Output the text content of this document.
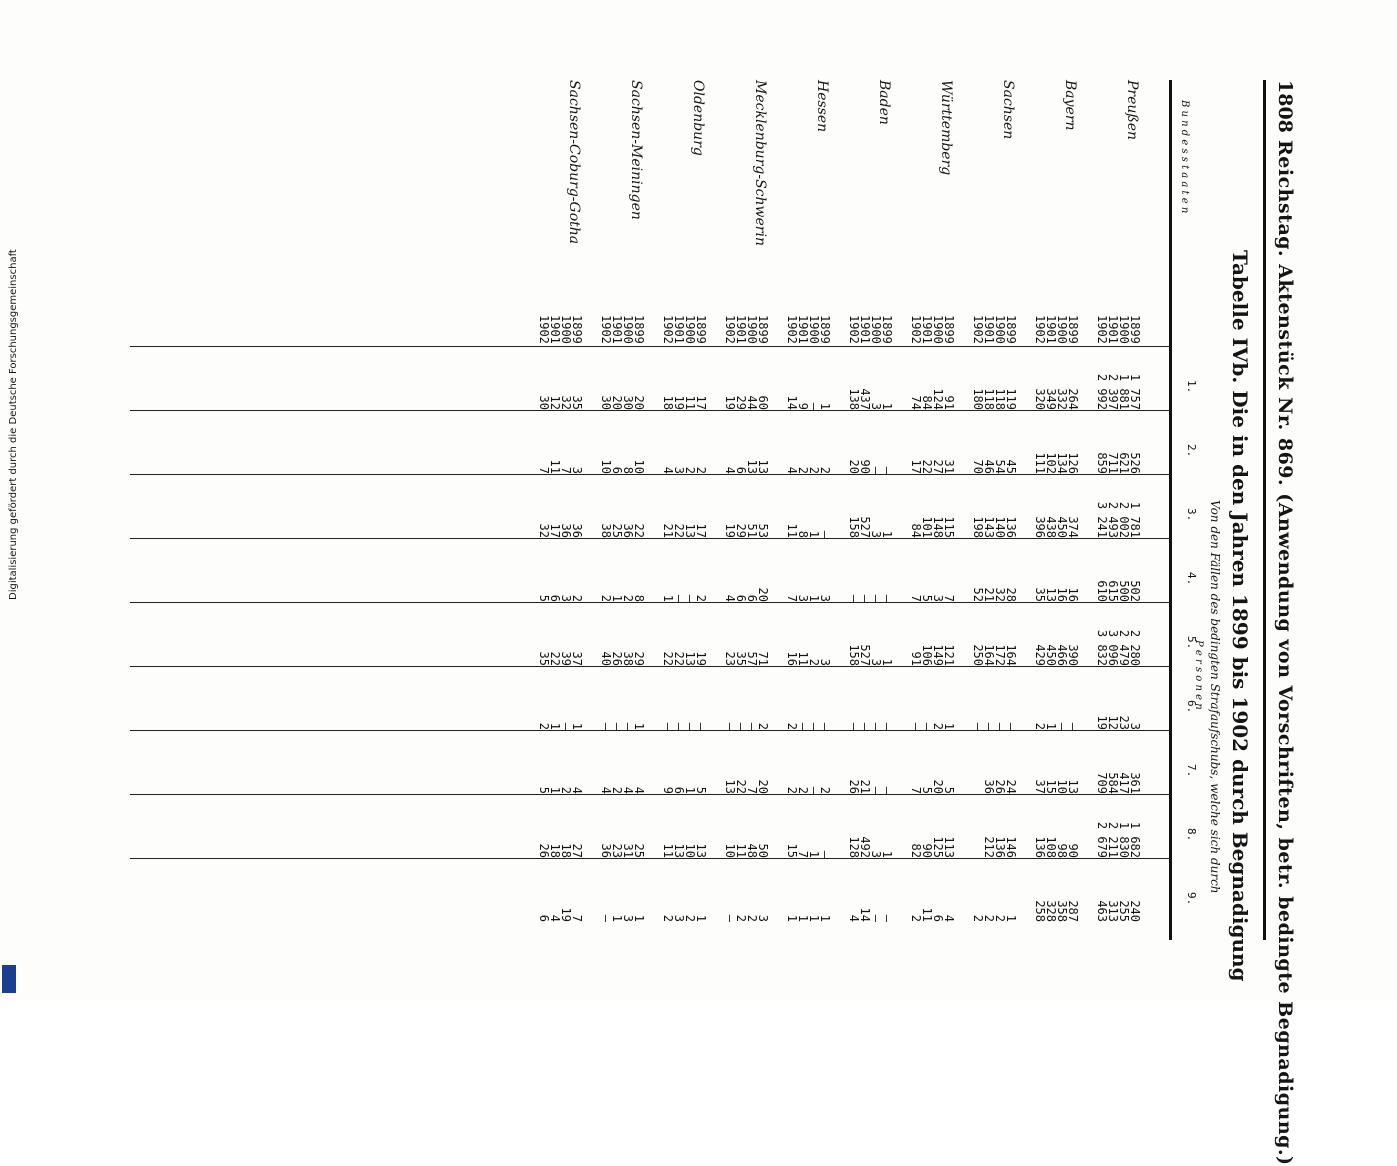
Digitalisierung gefördert durch die Deutsche Forschungsgemeinschaft
1808
Reichstag. Aktenstück Nr. 869. (Anwendung von Vorschriften, betr. bedingte Begnadigung.)
Tabelle IVb. Die in den Jahren 1899 bis 1902 durch Begnadigung
Von den Fällen des bedingten Strafaufschubs, welche sich durch
P e r s o n e n
B u n d e s s t a a t e n
Preußen
1899
1900
1901
1902
Bayern
1899
1900
1901
1902
Sachsen
1899
1900
1901
1902
Württemberg
1899
1900
1901
1902
Baden
1899
1900
1901
1902
Hessen
1899
1900
1901
1902
Mecklenburg-Schwerin
1899
1900
1901
1902
Oldenburg
1899
1900
1901
1902
Sachsen-Meiningen
1899
1900
1901
1902
Sachsen-Coburg-Gotha
1899
1900
1901
1902
1 757
1 881
2 397
2 992
526
621
711
859
1 781
2 002
2 493
3 241
502
500
615
610
2 280
2 479
3 096
3 832
3
23
12
19
361
417
584
709
1 682
1 830
2 211
2 679
240
255
313
463
264
332
349
320
126
134
102
111
374
450
438
396
16
16
13
35
390
466
450
429
—
—
1
2
13
10
15
37
90
98
108
136
287
358
328
258
119
118
118
180
45
54
46
70
136
140
143
198
28
32
21
52
164
172
164
250
—
—
—
—
24
26
36

146
136
212

1
2
2
2
91
124
84
74
31
27
22
17
115
148
101
84
7
3
5
7
121
149
106
91
1
2
—
—
5
20
5
7
113
125
90
82
4
6
11
2
1
3
437
138
—
—
90
20
1
3
527
158
—
—
—
—
1
3
527
158
—
—
—
—
—
—
21
26
1
3
492
128
—
—
14
4
1
—
9
14
2
2
2
4
—
1
8
11
3
1
3
7
3
2
11
16
—
—
—
2
2
—
2
2
—
1
7
15
1
1
1
1
60
44
29
19
13
13
6
4
53
51
29
19
20
6
6
4
71
57
35
23
2
—
—
—
20
7
22
13
50
48
11
10
3
2
2
—
17
11
19
18
2
2
3
4
17
13
22
21
2
—
—
1
19
13
22
22
—
—
—
—
5
1
6
9
13
10
13
11
1
2
3
2
20
30
20
30
10
8
6
10
22
36
25
38
8
2
1
2
29
38
26
40
1
—
—
—
4
4
2
4
25
31
23
36
1
3
1
—
35
32
12
30
3
7
11
7
36
36
17
32
2
3
6
5
37
39
22
35
1
—
1
2
4
2
1
5
27
18
18
26
7
19
4
6
1.
2.
3.
4.
5.
6.
7.
8.
9.
